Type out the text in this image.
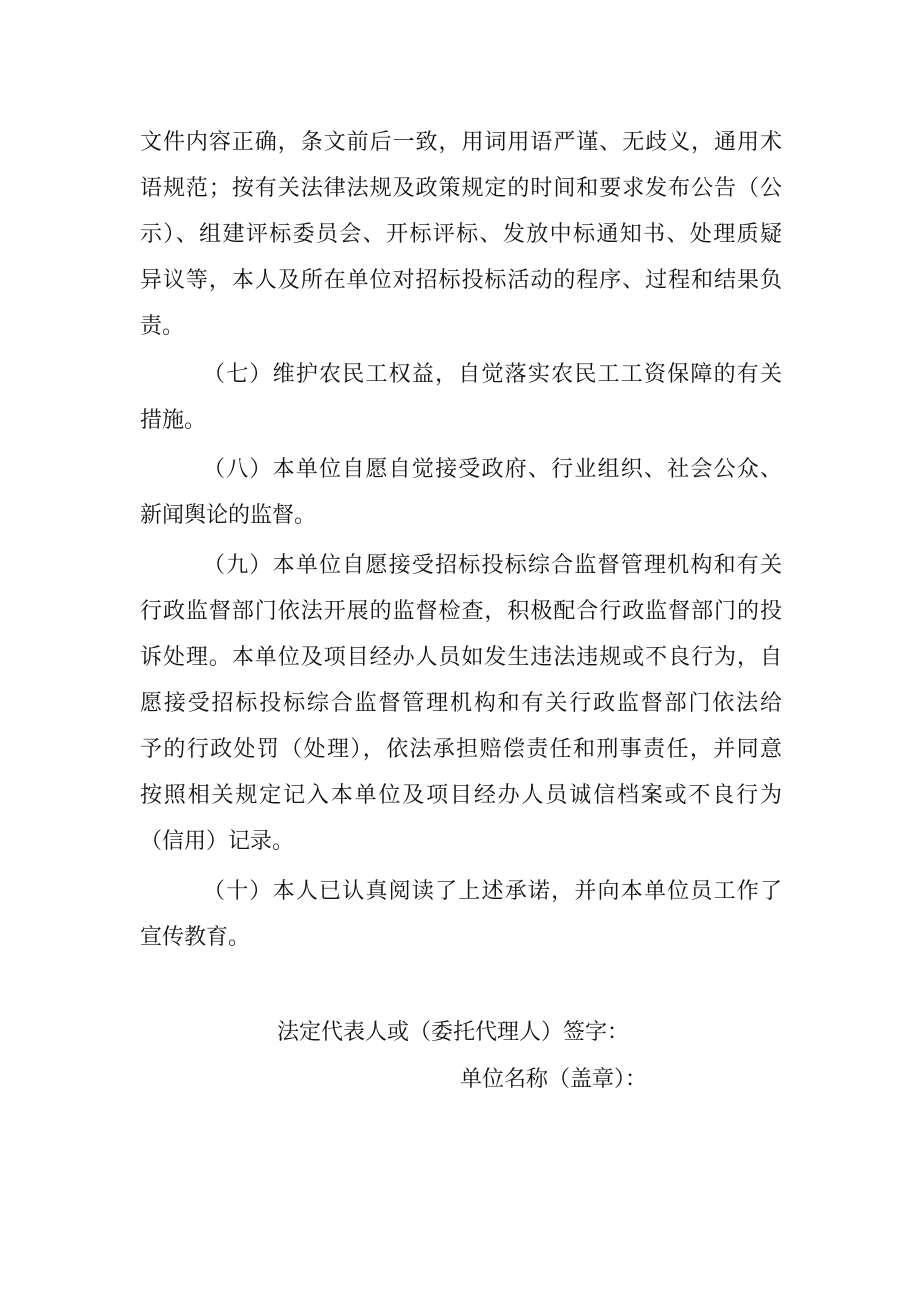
文件内容正确，条文前后一致，用词用语严谨、无歧义，通用术
语规范；按有关法律法规及政策规定的时间和要求发布公告（公
示）、组建评标委员会、开标评标、发放中标通知书、处理质疑
异议等，本人及所在单位对招标投标活动的程序、过程和结果负
责。
（七）维护农民工权益，自觉落实农民工工资保障的有关
措施。
（八）本单位自愿自觉接受政府、行业组织、社会公众、
新闻舆论的监督。
（九）本单位自愿接受招标投标综合监督管理机构和有关
行政监督部门依法开展的监督检查，积极配合行政监督部门的投
诉处理。本单位及项目经办人员如发生违法违规或不良行为，自
愿接受招标投标综合监督管理机构和有关行政监督部门依法给
予的行政处罚（处理），依法承担赔偿责任和刑事责任，并同意
按照相关规定记入本单位及项目经办人员诚信档案或不良行为
（信用）记录。
（十）本人已认真阅读了上述承诺，并向本单位员工作了
宣传教育。
法定代表人或（委托代理人）签字：
单位名称（盖章）：
